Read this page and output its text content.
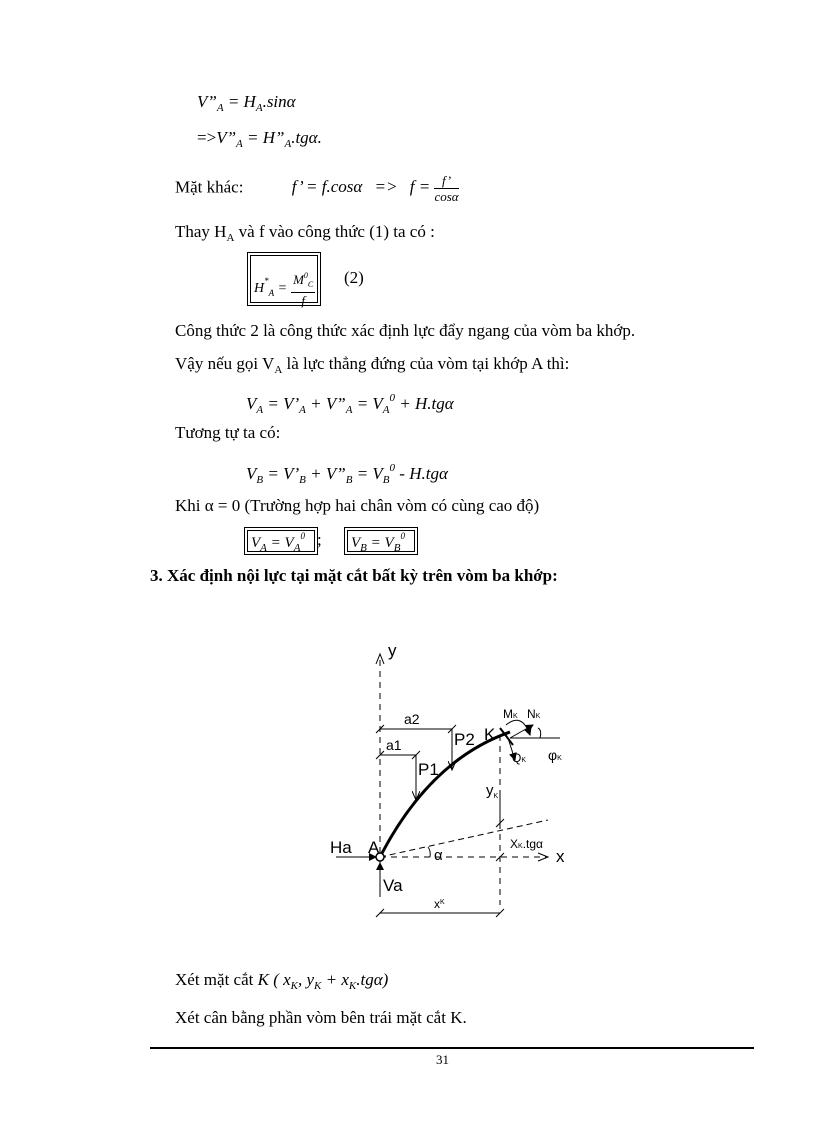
$V”_A = H_A.\sin\alpha$
$=>V”_A$ = $H”_A.tg\alpha$.
Mặt khác:	f’ = $f.\cos\alpha => f = \frac{f’}{\cos\alpha}$
Thay $H_A$ và f vào công thức (1) ta có :
$H^*_A = \frac{M^0_C}{f} (2)$
Công thức 2 là công thức xác định lực đẩy ngang của vòm ba khớp.
Vậy nếu gọi $V_A$ là lực thẳng đứng của vòm tại khớp A thì:
$V_A$ = $V’_A$ + $V”_A = V_A^0 + H.tg\alpha$
Tương tự ta có:
$V_B$ = $V’_B$ + $V”_B = V_B^0 - H.tg\alpha$
Khi α = 0 (Trường hợp hai chân vòm có cùng cao độ)
$V_A = V_A^0$ ; $V_B = V_B^0$
3. Xác định nội lực tại mặt cắt bất kỳ trên vòm ba khớp:
y
x
a2
a1
P1
P2 K
MK NK
QK φK
$y_K$
XK.tgα
Ha A	α
Va
$x^K$
Xét mặt cắt K ( $x_K$, $y_K + x_K.tg\alpha$)
Xét cân bằng phần vòm bên trái mặt cắt K.
31
